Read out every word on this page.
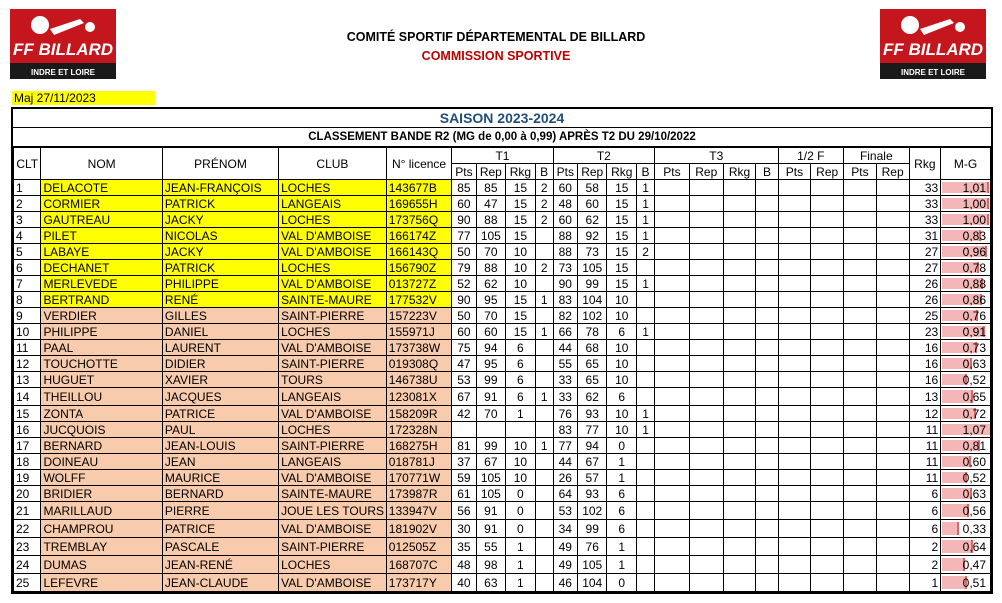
FF BILLARD
INDRE ET LOIRE
FF BILLARD
INDRE ET LOIRE
COMITÉ SPORTIF DÉPARTEMENTAL DE BILLARD
COMMISSION SPORTIVE
Maj 27/11/2023
SAISON 2023-2024
CLASSEMENT BANDE R2 (MG de 0,00 à 0,99) APRÈS T2 DU 29/10/2022
CLT	NOM	PRÉNOM	CLUB	N° licence	T1				T2				T3				1/2 F		Finale		Rkg	M-G
					Pts	Rep	Rkg	B	Pts	Rep	Rkg	B	Pts	Rep	Rkg	B	Pts	Rep	Pts	Rep		
1	DELACOTE	JEAN-FRANÇOIS	LOCHES	143677B	85	85	15	2	60	58	15	1									33	1,01
2	CORMIER	PATRICK	LANGEAIS	169655H	60	47	15	2	48	60	15	1									33	1,00
3	GAUTREAU	JACKY	LOCHES	173756Q	90	88	15	2	60	62	15	1									33	1,00
4	PILET	NICOLAS	VAL D'AMBOISE	166174Z	77	105	15		88	92	15	1									31	0,83
5	LABAYE	JACKY	VAL D'AMBOISE	166143Q	50	70	10		88	73	15	2									27	0,96
6	DECHANET	PATRICK	LOCHES	156790Z	79	88	10	2	73	105	15										27	0,78
7	MERLEVEDE	PHILIPPE	VAL D'AMBOISE	013727Z	52	62	10		90	99	15	1									26	0,88
8	BERTRAND	RENÉ	SAINTE-MAURE	177532V	90	95	15	1	83	104	10										26	0,86
9	VERDIER	GILLES	SAINT-PIERRE	157223V	50	70	15		82	102	10										25	0,76
10	PHILIPPE	DANIEL	LOCHES	155971J	60	60	15	1	66	78	6	1									23	0,91
11	PAAL	LAURENT	VAL D'AMBOISE	173738W	75	94	6		44	68	10										16	0,73
12	TOUCHOTTE	DIDIER	SAINT-PIERRE	019308Q	47	95	6		55	65	10										16	0,63
13	HUGUET	XAVIER	TOURS	146738U	53	99	6		33	65	10										16	0,52
14	THEILLOU	JACQUES	LANGEAIS	123081X	67	91	6	1	33	62	6										13	0,65
15	ZONTA	PATRICE	VAL D'AMBOISE	158209R	42	70	1		76	93	10	1									12	0,72
16	JUCQUOIS	PAUL	LOCHES	172328N					83	77	10	1									11	1,07
17	BERNARD	JEAN-LOUIS	SAINT-PIERRE	168275H	81	99	10	1	77	94	0										11	0,81
18	DOINEAU	JEAN	LANGEAIS	018781J	37	67	10		44	67	1										11	0,60
19	WOLFF	MAURICE	VAL D'AMBOISE	170771W	59	105	10		26	57	1										11	0,52
20	BRIDIER	BERNARD	SAINTE-MAURE	173987R	61	105	0		64	93	6										6	0,63
21	MARILLAUD	PIERRE	JOUE LES TOURS	133947V	56	91	0		53	102	6										6	0,56
22	CHAMPROU	PATRICE	VAL D'AMBOISE	181902V	30	91	0		34	99	6										6	0,33
23	TREMBLAY	PASCALE	SAINT-PIERRE	012505Z	35	55	1		49	76	1										2	0,64
24	DUMAS	JEAN-RENÉ	LOCHES	168707C	48	98	1		49	105	1										2	0,47
25	LEFEVRE	JEAN-CLAUDE	VAL D'AMBOISE	173717Y	40	63	1		46	104	0										1	0,51
